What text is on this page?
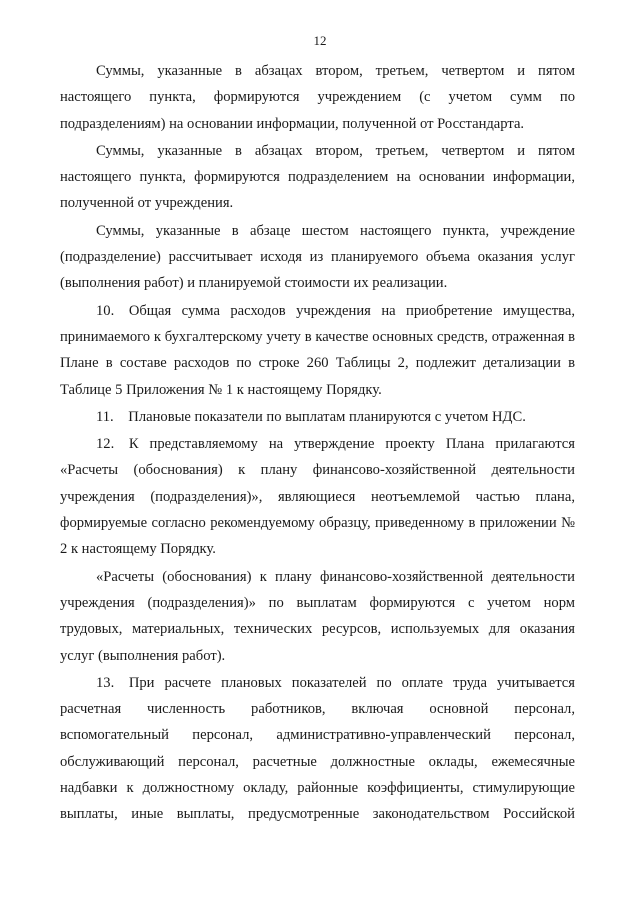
12

Суммы, указанные в абзацах втором, третьем, четвертом и пятом настоящего пункта, формируются учреждением (с учетом сумм по подразделениям) на основании информации, полученной от Росстандарта.

Суммы, указанные в абзацах втором, третьем, четвертом и пятом настоящего пункта, формируются подразделением на основании информации, полученной от учреждения.

Суммы, указанные в абзаце шестом настоящего пункта, учреждение (подразделение) рассчитывает исходя из планируемого объема оказания услуг (выполнения работ) и планируемой стоимости их реализации.

10. Общая сумма расходов учреждения на приобретение имущества, принимаемого к бухгалтерскому учету в качестве основных средств, отраженная в Плане в составе расходов по строке 260 Таблицы 2, подлежит детализации в Таблице 5 Приложения № 1 к настоящему Порядку.

11. Плановые показатели по выплатам планируются с учетом НДС.

12. К представляемому на утверждение проекту Плана прилагаются «Расчеты (обоснования) к плану финансово-хозяйственной деятельности учреждения (подразделения)», являющиеся неотъемлемой частью плана, формируемые согласно рекомендуемому образцу, приведенному в приложении № 2 к настоящему Порядку.

«Расчеты (обоснования) к плану финансово-хозяйственной деятельности учреждения (подразделения)» по выплатам формируются с учетом норм трудовых, материальных, технических ресурсов, используемых для оказания услуг (выполнения работ).

13. При расчете плановых показателей по оплате труда учитывается расчетная численность работников, включая основной персонал, вспомогательный персонал, административно-управленческий персонал, обслуживающий персонал, расчетные должностные оклады, ежемесячные надбавки к должностному окладу, районные коэффициенты, стимулирующие выплаты, иные выплаты, предусмотренные законодательством Российской
